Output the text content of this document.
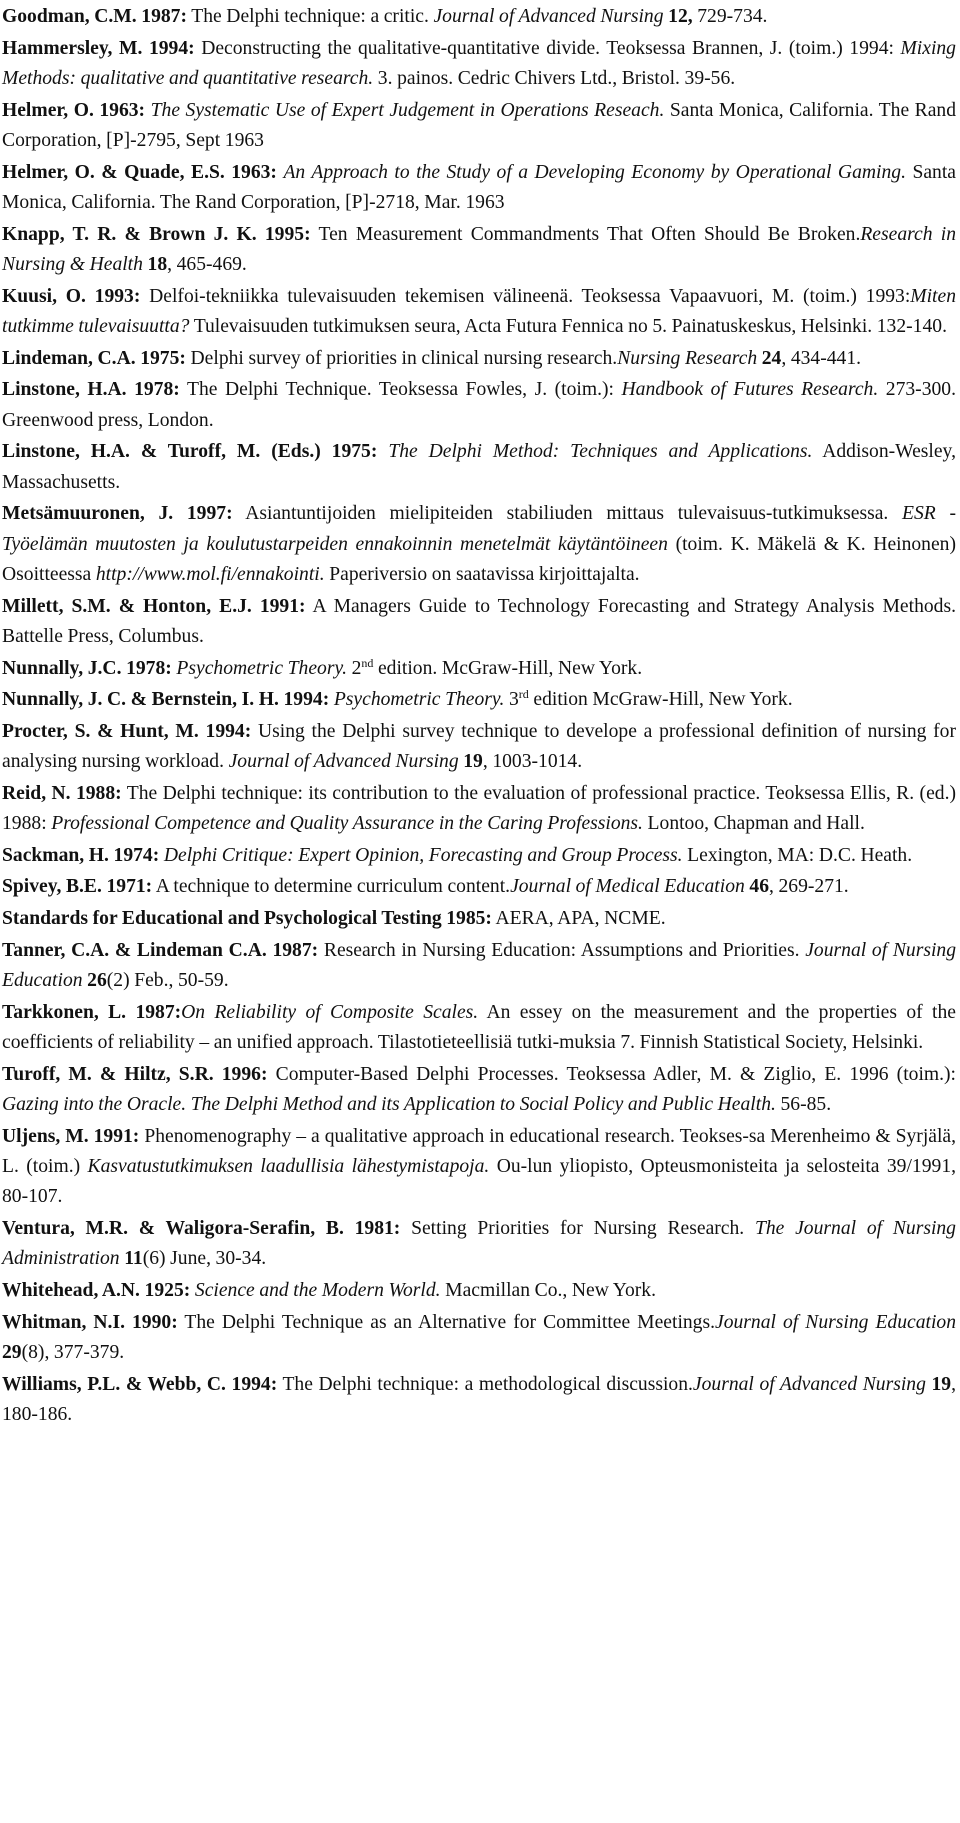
Goodman, C.M. 1987: The Delphi technique: a critic. Journal of Advanced Nursing 12, 729-734.

Hammersley, M. 1994: Deconstructing the qualitative-quantitative divide. Teoksessa Brannen, J. (toim.) 1994: Mixing Methods: qualitative and quantitative research. 3. painos. Cedric Chivers Ltd., Bristol. 39-56.

Helmer, O. 1963: The Systematic Use of Expert Judgement in Operations Reseach. Santa Monica, California. The Rand Corporation, [P]-2795, Sept 1963

Helmer, O. & Quade, E.S. 1963: An Approach to the Study of a Developing Economy by Operational Gaming. Santa Monica, California. The Rand Corporation, [P]-2718, Mar. 1963

Knapp, T. R. & Brown J. K. 1995: Ten Measurement Commandments That Often Should Be Broken.Research in Nursing & Health 18, 465-469.

Kuusi, O. 1993: Delfoi-tekniikka tulevaisuuden tekemisen välineenä. Teoksessa Vapaavuori, M. (toim.) 1993:Miten tutkimme tulevaisuutta? Tulevaisuuden tutkimuksen seura, Acta Futura Fennica no 5. Painatuskeskus, Helsinki. 132-140.

Lindeman, C.A. 1975: Delphi survey of priorities in clinical nursing research.Nursing Research 24, 434-441.

Linstone, H.A. 1978: The Delphi Technique. Teoksessa Fowles, J. (toim.): Handbook of Futures Research. 273-300. Greenwood press, London.

Linstone, H.A. & Turoff, M. (Eds.) 1975: The Delphi Method: Techniques and Applications. Addison-Wesley, Massachusetts.

Metsämuuronen, J. 1997: Asiantuntijoiden mielipiteiden stabiliuden mittaus tulevaisuus-tutkimuksessa. ESR - Työelämän muutosten ja koulutustarpeiden ennakoinnin menetelmät käytäntöineen (toim. K. Mäkelä & K. Heinonen) Osoitteessa http://www.mol.fi/ennakointi. Paperiversio on saatavissa kirjoittajalta.

Millett, S.M. & Honton, E.J. 1991: A Managers Guide to Technology Forecasting and Strategy Analysis Methods. Battelle Press, Columbus.

Nunnally, J.C. 1978: Psychometric Theory. 2nd edition. McGraw-Hill, New York.

Nunnally, J. C. & Bernstein, I. H. 1994: Psychometric Theory. 3rd edition McGraw-Hill, New York.

Procter, S. & Hunt, M. 1994: Using the Delphi survey technique to develope a professional definition of nursing for analysing nursing workload. Journal of Advanced Nursing 19, 1003-1014.

Reid, N. 1988: The Delphi technique: its contribution to the evaluation of professional practice. Teoksessa Ellis, R. (ed.) 1988: Professional Competence and Quality Assurance in the Caring Professions. Lontoo, Chapman and Hall.

Sackman, H. 1974: Delphi Critique: Expert Opinion, Forecasting and Group Process. Lexington, MA: D.C. Heath.

Spivey, B.E. 1971: A technique to determine curriculum content.Journal of Medical Education 46, 269-271.

Standards for Educational and Psychological Testing 1985: AERA, APA, NCME.

Tanner, C.A. & Lindeman C.A. 1987: Research in Nursing Education: Assumptions and Priorities. Journal of Nursing Education 26(2) Feb., 50-59.

Tarkkonen, L. 1987:On Reliability of Composite Scales. An essey on the measurement and the properties of the coefficients of reliability – an unified approach. Tilastotieteellisiä tutki-muksia 7. Finnish Statistical Society, Helsinki.

Turoff, M. & Hiltz, S.R. 1996: Computer-Based Delphi Processes. Teoksessa Adler, M. & Ziglio, E. 1996 (toim.): Gazing into the Oracle. The Delphi Method and its Application to Social Policy and Public Health. 56-85.

Uljens, M. 1991: Phenomenography – a qualitative approach in educational research. Teokses-sa Merenheimo & Syrjälä, L. (toim.) Kasvatustutkimuksen laadullisia lähestymistapoja. Ou-lun yliopisto, Opteusmonisteita ja selosteita 39/1991, 80-107.

Ventura, M.R. & Waligora-Serafin, B. 1981: Setting Priorities for Nursing Research. The Journal of Nursing Administration 11(6) June, 30-34.

Whitehead, A.N. 1925: Science and the Modern World. Macmillan Co., New York.

Whitman, N.I. 1990: The Delphi Technique as an Alternative for Committee Meetings.Journal of Nursing Education 29(8), 377-379.

Williams, P.L. & Webb, C. 1994: The Delphi technique: a methodological discussion.Journal of Advanced Nursing 19, 180-186.
